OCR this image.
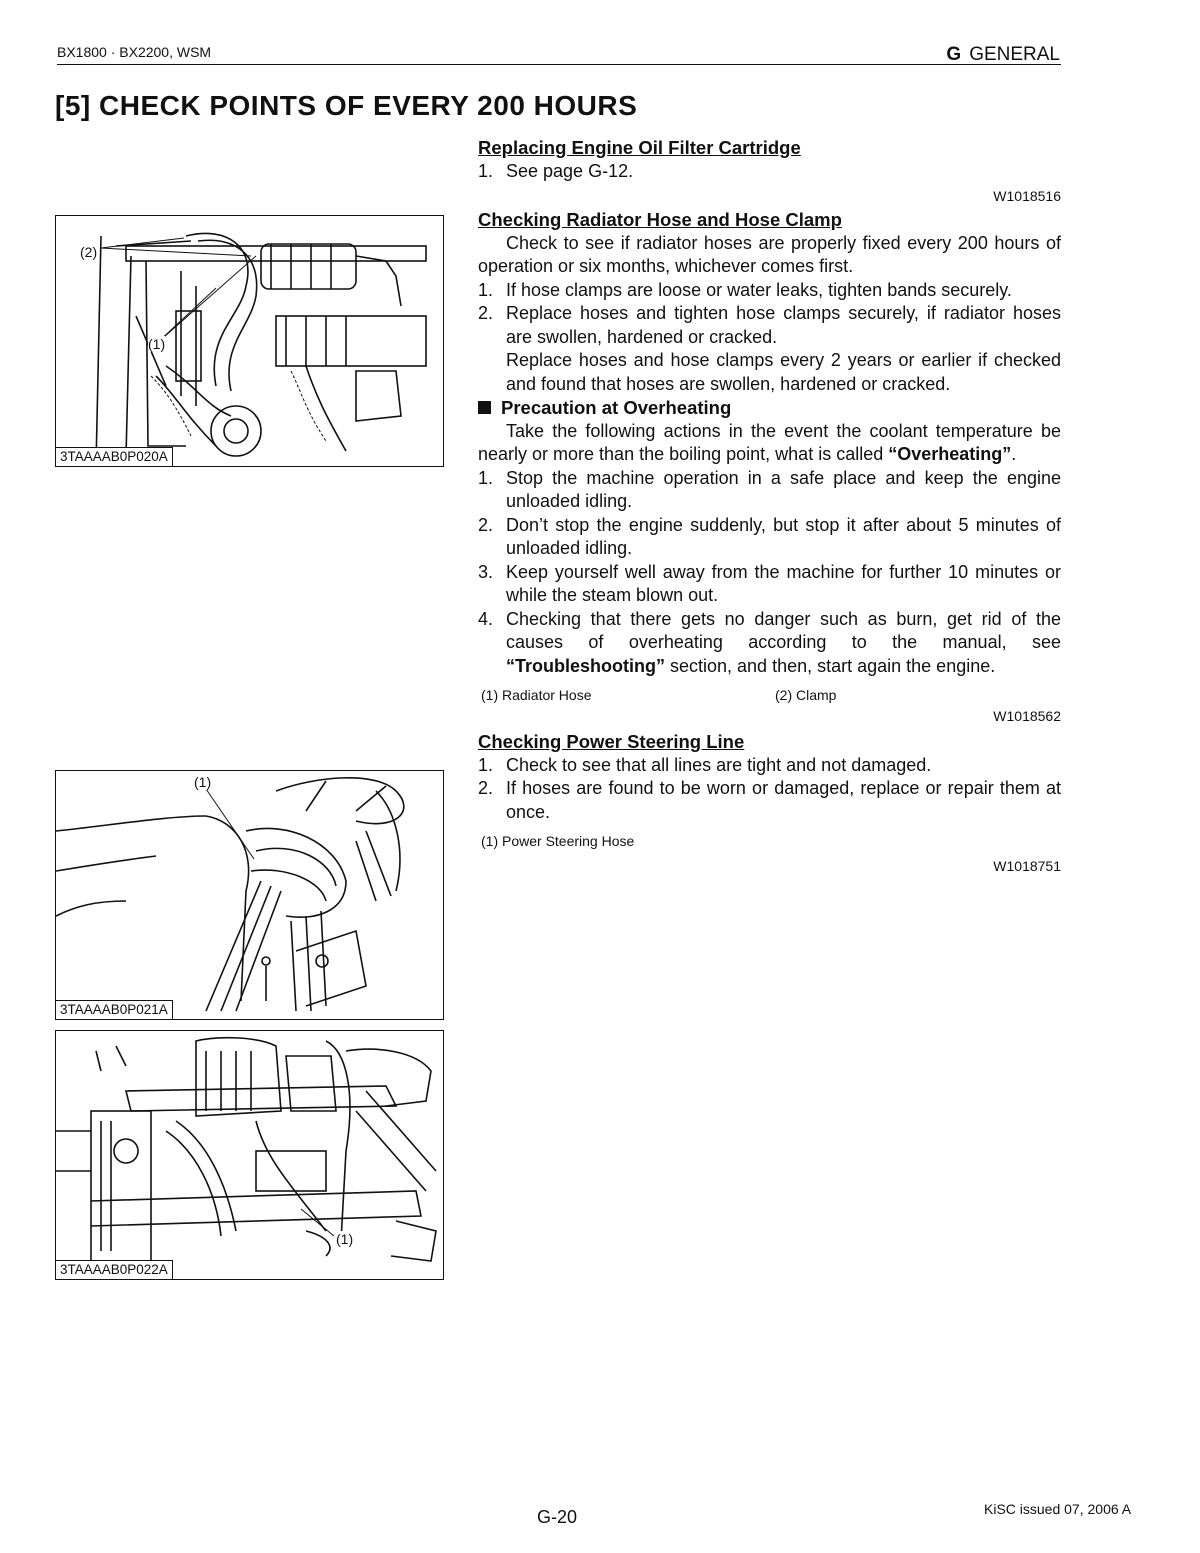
BX1800 · BX2200, WSM	G GENERAL
[5] CHECK POINTS OF EVERY 200 HOURS
(2)
(1)
3TAAAAB0P020A
(1)
3TAAAAB0P021A
(1)
3TAAAAB0P022A
Replacing Engine Oil Filter Cartridge
1. See page G-12.
W1018516
Checking Radiator Hose and Hose Clamp

Check to see if radiator hoses are properly fixed every 200 hours of operation or six months, whichever comes first.

1. If hose clamps are loose or water leaks, tighten bands securely.
2. Replace hoses and tighten hose clamps securely, if radiator hoses are swollen, hardened or cracked.
Replace hoses and hose clamps every 2 years or earlier if checked and found that hoses are swollen, hardened or cracked.
Precaution at Overheating

Take the following actions in the event the coolant temperature be nearly or more than the boiling point, what is called “Overheating”.

1. Stop the machine operation in a safe place and keep the engine unloaded idling.
2. Don’t stop the engine suddenly, but stop it after about 5 minutes of unloaded idling.
3. Keep yourself well away from the machine for further 10 minutes or while the steam blown out.
4. Checking that there gets no danger such as burn, get rid of the causes of overheating according to the manual, see “Troubleshooting” section, and then, start again the engine.
(1) Radiator Hose	(2) Clamp
W1018562
Checking Power Steering Line
1. Check to see that all lines are tight and not damaged.
2. If hoses are found to be worn or damaged, replace or repair them at once.
(1) Power Steering Hose
W1018751
G-20	KiSC issued 07, 2006 A
